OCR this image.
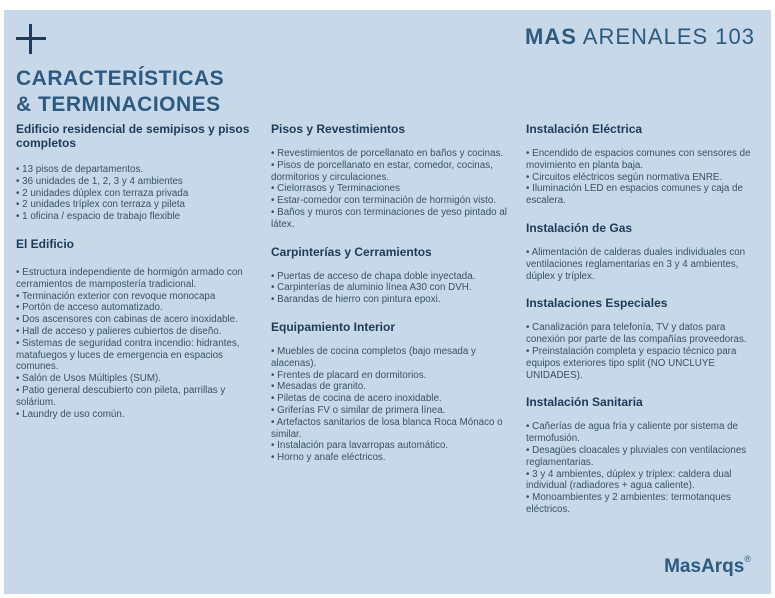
MAS ARENALES 103
CARACTERÍSTICAS
& TERMINACIONES
Edificio residencial de semipisos y pisos completos
• 13 pisos de departamentos.
• 36 unidades de 1, 2, 3 y 4 ambientes
• 2 unidades dúplex con terraza privada
• 2 unidades tríplex con terraza y pileta
• 1 oficina / espacio de trabajo flexible
El Edificio
• Estructura independiente de hormigón armado con cerramientos de mampostería tradicional.
• Terminación exterior con revoque monocapa
• Portón de acceso automatizado.
• Dos ascensores con cabinas de acero inoxidable.
• Hall de acceso y palieres cubiertos de diseño.
• Sistemas de seguridad contra incendio: hidrantes, matafuegos y luces de emergencia en espacios comunes.
• Salón de Usos Múltiples (SUM).
• Patio general descubierto con pileta, parrillas y solárium.
• Laundry de uso común.
Pisos y Revestimientos
• Revestimientos de porcellanato en baños y cocinas.
• Pisos de porcellanato en estar, comedor, cocinas, dormitorios y circulaciones.
• Cielorrasos y Terminaciones
• Estar-comedor con terminación de hormigón visto.
• Baños y muros con terminaciones de yeso pintado al látex.
Carpinterías y Cerramientos
• Puertas de acceso de chapa doble inyectada.
• Carpinterías de aluminio línea A30 con DVH.
• Barandas de hierro con pintura epoxi.
Equipamiento Interior
• Muebles de cocina completos (bajo mesada y alacenas).
• Frentes de placard en dormitorios.
• Mesadas de granito.
• Piletas de cocina de acero inoxidable.
• Griferías FV o similar de primera línea.
• Artefactos sanitarios de losa blanca Roca Mónaco o similar.
• Instalación para lavarropas automático.
• Horno y anafe eléctricos.
Instalación Eléctrica
• Encendido de espacios comunes con sensores de movimiento en planta baja.
• Circuitos eléctricos según normativa ENRE.
• Iluminación LED en espacios comunes y caja de escalera.
Instalación de Gas
• Alimentación de calderas duales individuales con ventilaciones reglamentarias en 3 y 4 ambientes, dúplex y tríplex.
Instalaciones Especiales
• Canalización para telefonía, TV y datos para conexión por parte de las compañías proveedoras.
• Preinstalación completa y espacio técnico para equipos exteriores tipo split (NO UNCLUYE UNIDADES).
Instalación Sanitaria
• Cañerías de agua fría y caliente por sistema de termofusión.
• Desagües cloacales y pluviales con ventilaciones reglamentarias.
• 3 y 4 ambientes, dúplex y tríplex: caldera dual individual (radiadores + agua caliente).
• Monoambientes y 2 ambientes: termotanques eléctricos.
MasArqs®
